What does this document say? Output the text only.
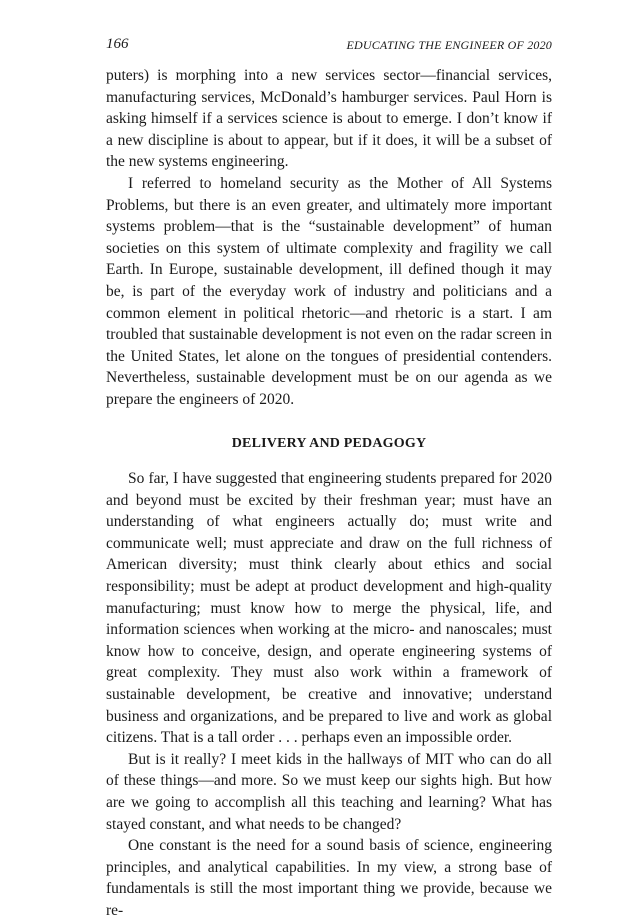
166	EDUCATING THE ENGINEER OF 2020

puters) is morphing into a new services sector—financial services, manufacturing services, McDonald’s hamburger services. Paul Horn is asking himself if a services science is about to emerge. I don’t know if a new discipline is about to appear, but if it does, it will be a subset of the new systems engineering.

I referred to homeland security as the Mother of All Systems Problems, but there is an even greater, and ultimately more important systems problem—that is the “sustainable development” of human societies on this system of ultimate complexity and fragility we call Earth. In Europe, sustainable development, ill defined though it may be, is part of the everyday work of industry and politicians and a common element in political rhetoric—and rhetoric is a start. I am troubled that sustainable development is not even on the radar screen in the United States, let alone on the tongues of presidential contenders. Nevertheless, sustainable development must be on our agenda as we prepare the engineers of 2020.

DELIVERY AND PEDAGOGY

So far, I have suggested that engineering students prepared for 2020 and beyond must be excited by their freshman year; must have an understanding of what engineers actually do; must write and communicate well; must appreciate and draw on the full richness of American diversity; must think clearly about ethics and social responsibility; must be adept at product development and high-quality manufacturing; must know how to merge the physical, life, and information sciences when working at the micro- and nanoscales; must know how to conceive, design, and operate engineering systems of great complexity. They must also work within a framework of sustainable development, be creative and innovative; understand business and organizations, and be prepared to live and work as global citizens. That is a tall order . . . perhaps even an impossible order.

But is it really? I meet kids in the hallways of MIT who can do all of these things—and more. So we must keep our sights high. But how are we going to accomplish all this teaching and learning? What has stayed constant, and what needs to be changed?

One constant is the need for a sound basis of science, engineering principles, and analytical capabilities. In my view, a strong base of fundamentals is still the most important thing we provide, because we re-
